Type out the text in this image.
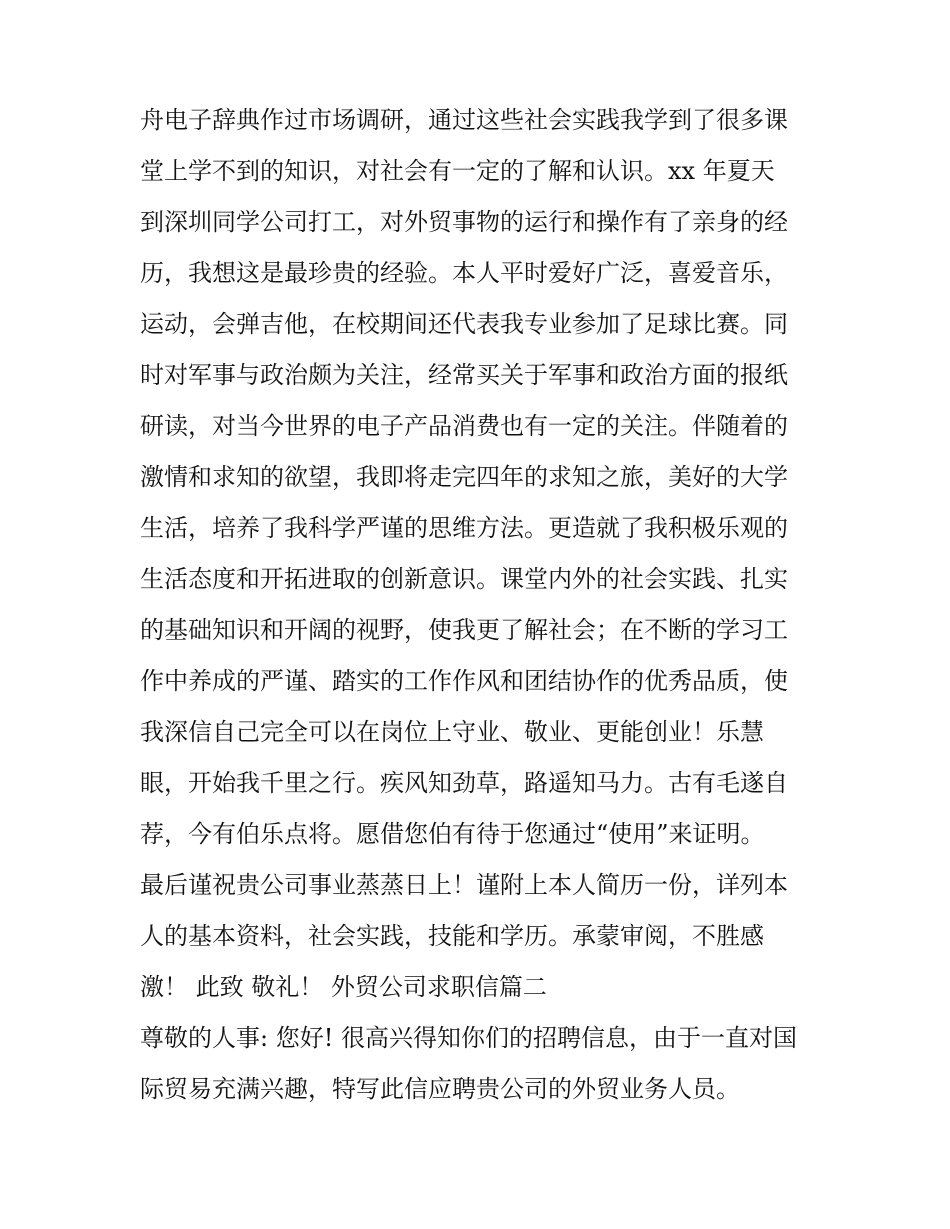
舟电子辞典作过市场调研，通过这些社会实践我学到了很多课
堂上学不到的知识，对社会有一定的了解和认识。xx 年夏天
到深圳同学公司打工，对外贸事物的运行和操作有了亲身的经
历，我想这是最珍贵的经验。本人平时爱好广泛，喜爱音乐，
运动，会弹吉他，在校期间还代表我专业参加了足球比赛。同
时对军事与政治颇为关注，经常买关于军事和政治方面的报纸
研读，对当今世界的电子产品消费也有一定的关注。伴随着的
激情和求知的欲望，我即将走完四年的求知之旅，美好的大学
生活，培养了我科学严谨的思维方法。更造就了我积极乐观的
生活态度和开拓进取的创新意识。课堂内外的社会实践、扎实
的基础知识和开阔的视野，使我更了解社会；在不断的学习工
作中养成的严谨、踏实的工作作风和团结协作的优秀品质，使
我深信自己完全可以在岗位上守业、敬业、更能创业！乐慧
眼，开始我千里之行。疾风知劲草，路遥知马力。古有毛遂自
荐，今有伯乐点将。愿借您伯有待于您通过“使用”来证明。
最后谨祝贵公司事业蒸蒸日上！谨附上本人简历一份，详列本
人的基本资料，社会实践，技能和学历。承蒙审阅，不胜感
激！ 此致 敬礼！ 外贸公司求职信篇二
尊敬的人事: 您好! 很高兴得知你们的招聘信息，由于一直对国
际贸易充满兴趣，特写此信应聘贵公司的外贸业务人员。
